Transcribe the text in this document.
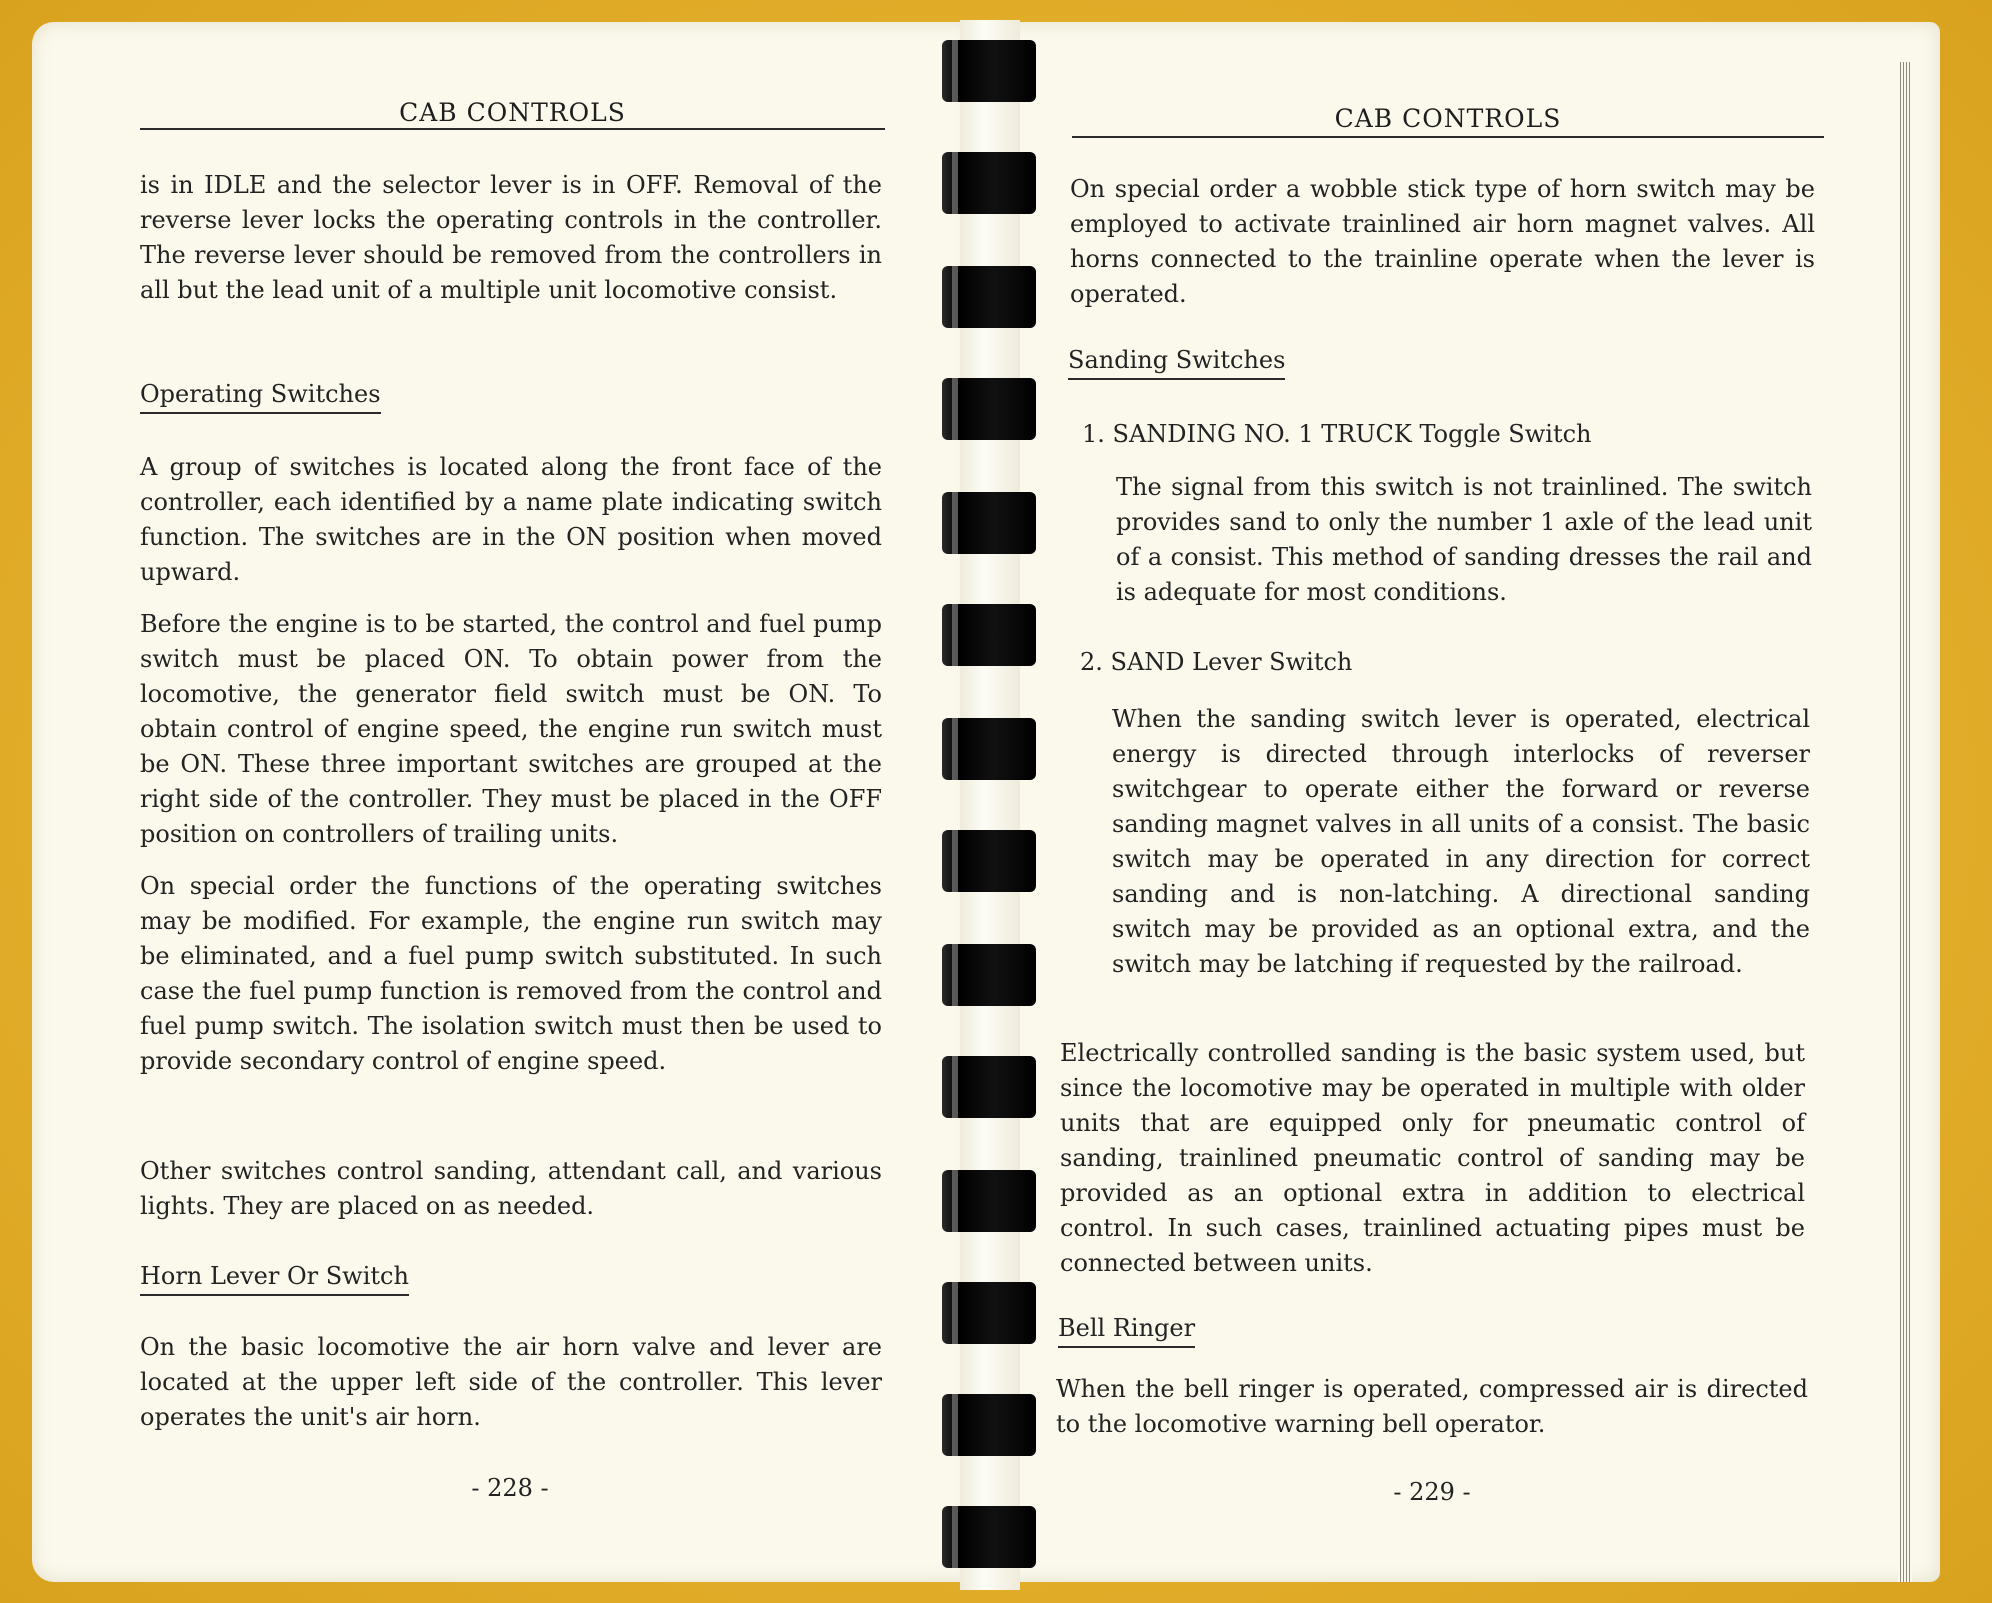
CAB CONTROLS

is in IDLE and the selector lever is in OFF. Removal of the reverse lever locks the operating controls in the controller. The reverse lever should be removed from the controllers in all but the lead unit of a multiple unit locomotive consist.

Operating Switches

A group of switches is located along the front face of the controller, each identified by a name plate indicating switch function. The switches are in the ON position when moved upward.

Before the engine is to be started, the control and fuel pump switch must be placed ON. To obtain power from the locomotive, the generator field switch must be ON. To obtain control of engine speed, the engine run switch must be ON. These three important switches are grouped at the right side of the controller. They must be placed in the OFF position on controllers of trailing units.

On special order the functions of the operating switches may be modified. For example, the engine run switch may be eliminated, and a fuel pump switch substituted. In such case the fuel pump function is removed from the control and fuel pump switch. The isolation switch must then be used to provide secondary control of engine speed.

Other switches control sanding, attendant call, and various lights. They are placed on as needed.

Horn Lever Or Switch

On the basic locomotive the air horn valve and lever are located at the upper left side of the controller. This lever operates the unit's air horn.

- 228 -
CAB CONTROLS

On special order a wobble stick type of horn switch may be employed to activate trainlined air horn magnet valves. All horns connected to the trainline operate when the lever is operated.

Sanding Switches
1. SANDING NO. 1 TRUCK Toggle Switch

The signal from this switch is not trainlined. The switch provides sand to only the number 1 axle of the lead unit of a consist. This method of sanding dresses the rail and is adequate for most conditions.

2. SAND Lever Switch

When the sanding switch lever is operated, electrical energy is directed through interlocks of reverser switchgear to operate either the forward or reverse sanding magnet valves in all units of a consist. The basic switch may be operated in any direction for correct sanding and is non-latching. A directional sanding switch may be provided as an optional extra, and the switch may be latching if requested by the railroad.

Electrically controlled sanding is the basic system used, but since the locomotive may be operated in multiple with older units that are equipped only for pneumatic control of sanding, trainlined pneumatic control of sanding may be provided as an optional extra in addition to electrical control. In such cases, trainlined actuating pipes must be connected between units.

Bell Ringer

When the bell ringer is operated, compressed air is directed to the locomotive warning bell operator.

- 229 -
